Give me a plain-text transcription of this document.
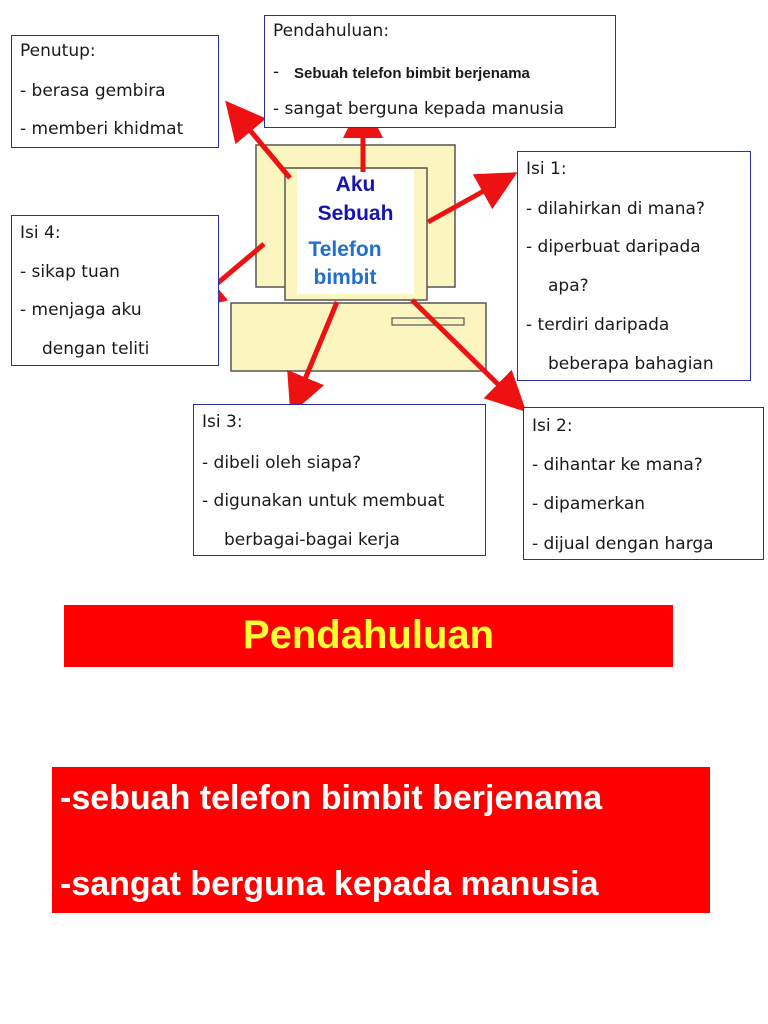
Aku
Sebuah
Telefon
bimbit
Pendahuluan:
- Sebuah telefon bimbit berjenama
- sangat berguna kepada manusia
Penutup:
- berasa gembira
- memberi khidmat
Isi 1:
- dilahirkan di mana?
- diperbuat daripada
apa?
- terdiri daripada
beberapa bahagian
Isi 4:
- sikap tuan
- menjaga aku
dengan teliti
Isi 3:
- dibeli oleh siapa?
- digunakan untuk membuat
berbagai-bagai kerja
Isi 2:
- dihantar ke mana?
- dipamerkan
- dijual dengan harga
Pendahuluan
-sebuah telefon bimbit berjenama
-sangat berguna kepada manusia
